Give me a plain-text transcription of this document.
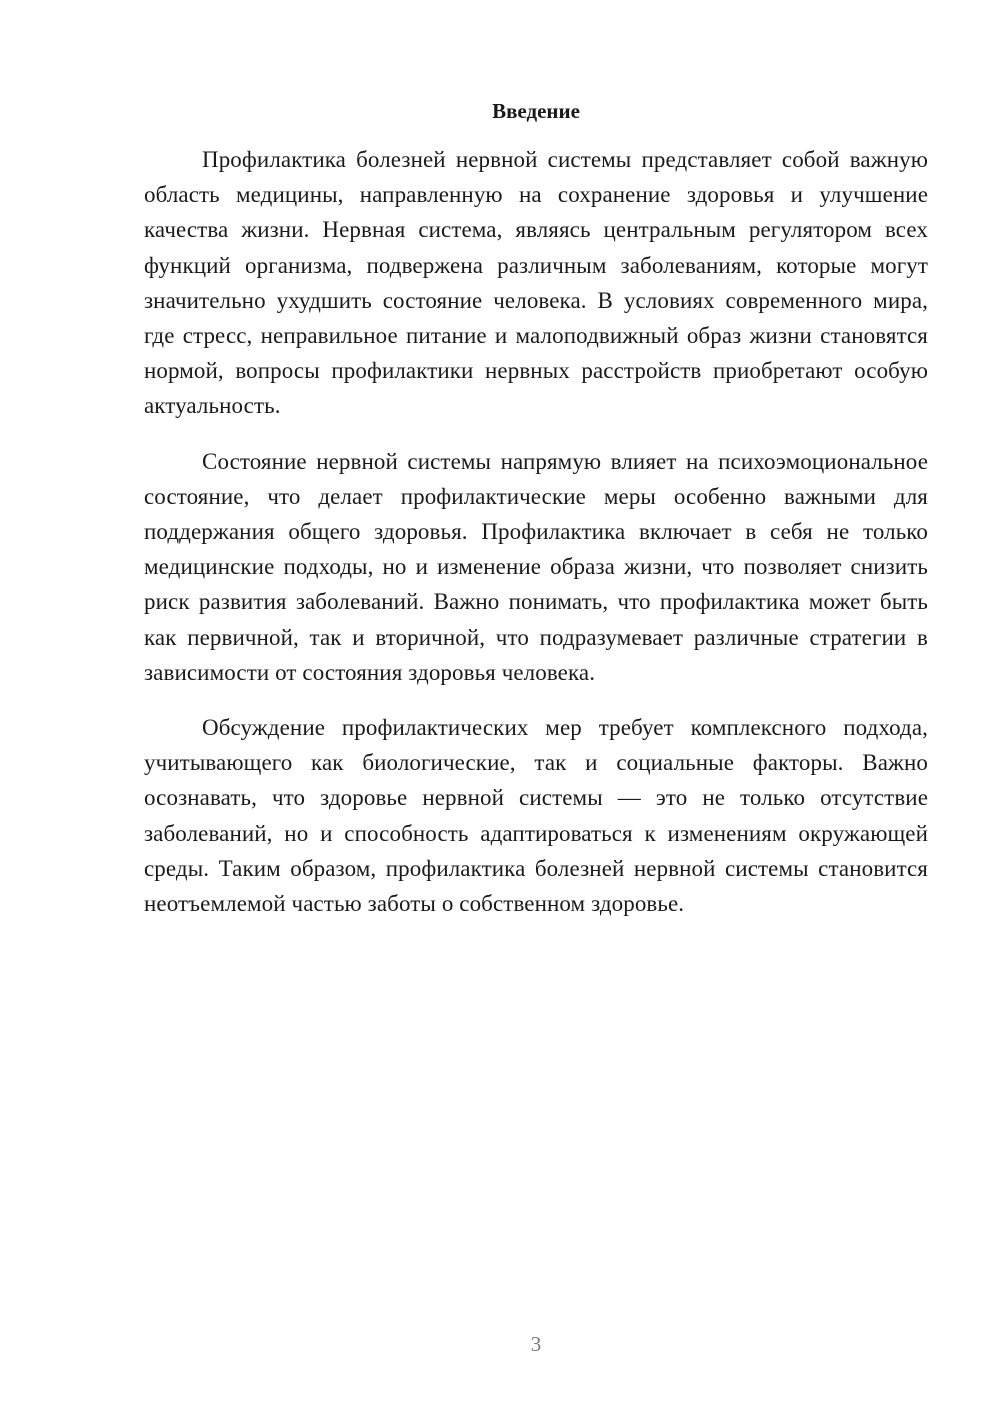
Введение

Профилактика болезней нервной системы представляет собой важную область медицины, направленную на сохранение здоровья и улучшение качества жизни. Нервная система, являясь центральным регулятором всех функций организма, подвержена различным заболеваниям, которые могут значительно ухудшить состояние человека. В условиях современного мира, где стресс, неправильное питание и малоподвижный образ жизни становятся нормой, вопросы профилактики нервных расстройств приобретают особую актуальность.

Состояние нервной системы напрямую влияет на психоэмоциональное состояние, что делает профилактические меры особенно важными для поддержания общего здоровья. Профилактика включает в себя не только медицинские подходы, но и изменение образа жизни, что позволяет снизить риск развития заболеваний. Важно понимать, что профилактика может быть как первичной, так и вторичной, что подразумевает различные стратегии в зависимости от состояния здоровья человека.

Обсуждение профилактических мер требует комплексного подхода, учитывающего как биологические, так и социальные факторы. Важно осознавать, что здоровье нервной системы — это не только отсутствие заболеваний, но и способность адаптироваться к изменениям окружающей среды. Таким образом, профилактика болезней нервной системы становится неотъемлемой частью заботы о собственном здоровье.

3
